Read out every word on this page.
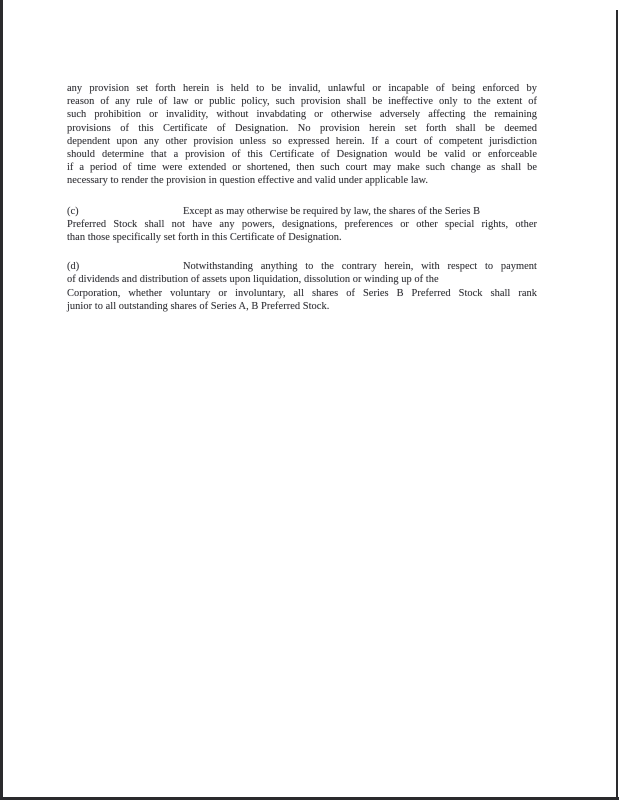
any provision set forth herein is held to be invalid, unlawful or incapable of being enforced by
reason of any rule of law or public policy, such provision shall be ineffective only to the extent of
such prohibition or invalidity, without invabdating or otherwise adversely affecting the remaining
provisions of this Certificate of Designation. No provision herein set forth shall be deemed
dependent upon any other provision unless so expressed herein. If a court of competent jurisdiction
should determine that a provision of this Certificate of Designation would be valid or enforceable
if a period of time were extended or shortened, then such court may make such change as shall be
necessary to render the provision in question effective and valid under applicable law.
(c)	Except as may otherwise be required by law, the shares of the Series B
Preferred Stock shall not have any powers, designations, preferences or other special rights, other
than those specifically set forth in this Certificate of Designation.
(d)	Notwithstanding anything to the contrary herein, with respect to payment
of dividends and distribution of assets upon liquidation, dissolution or winding up of the
Corporation, whether voluntary or involuntary, all shares of Series B Preferred Stock shall rank
junior to all outstanding shares of Series A, B Preferred Stock.
